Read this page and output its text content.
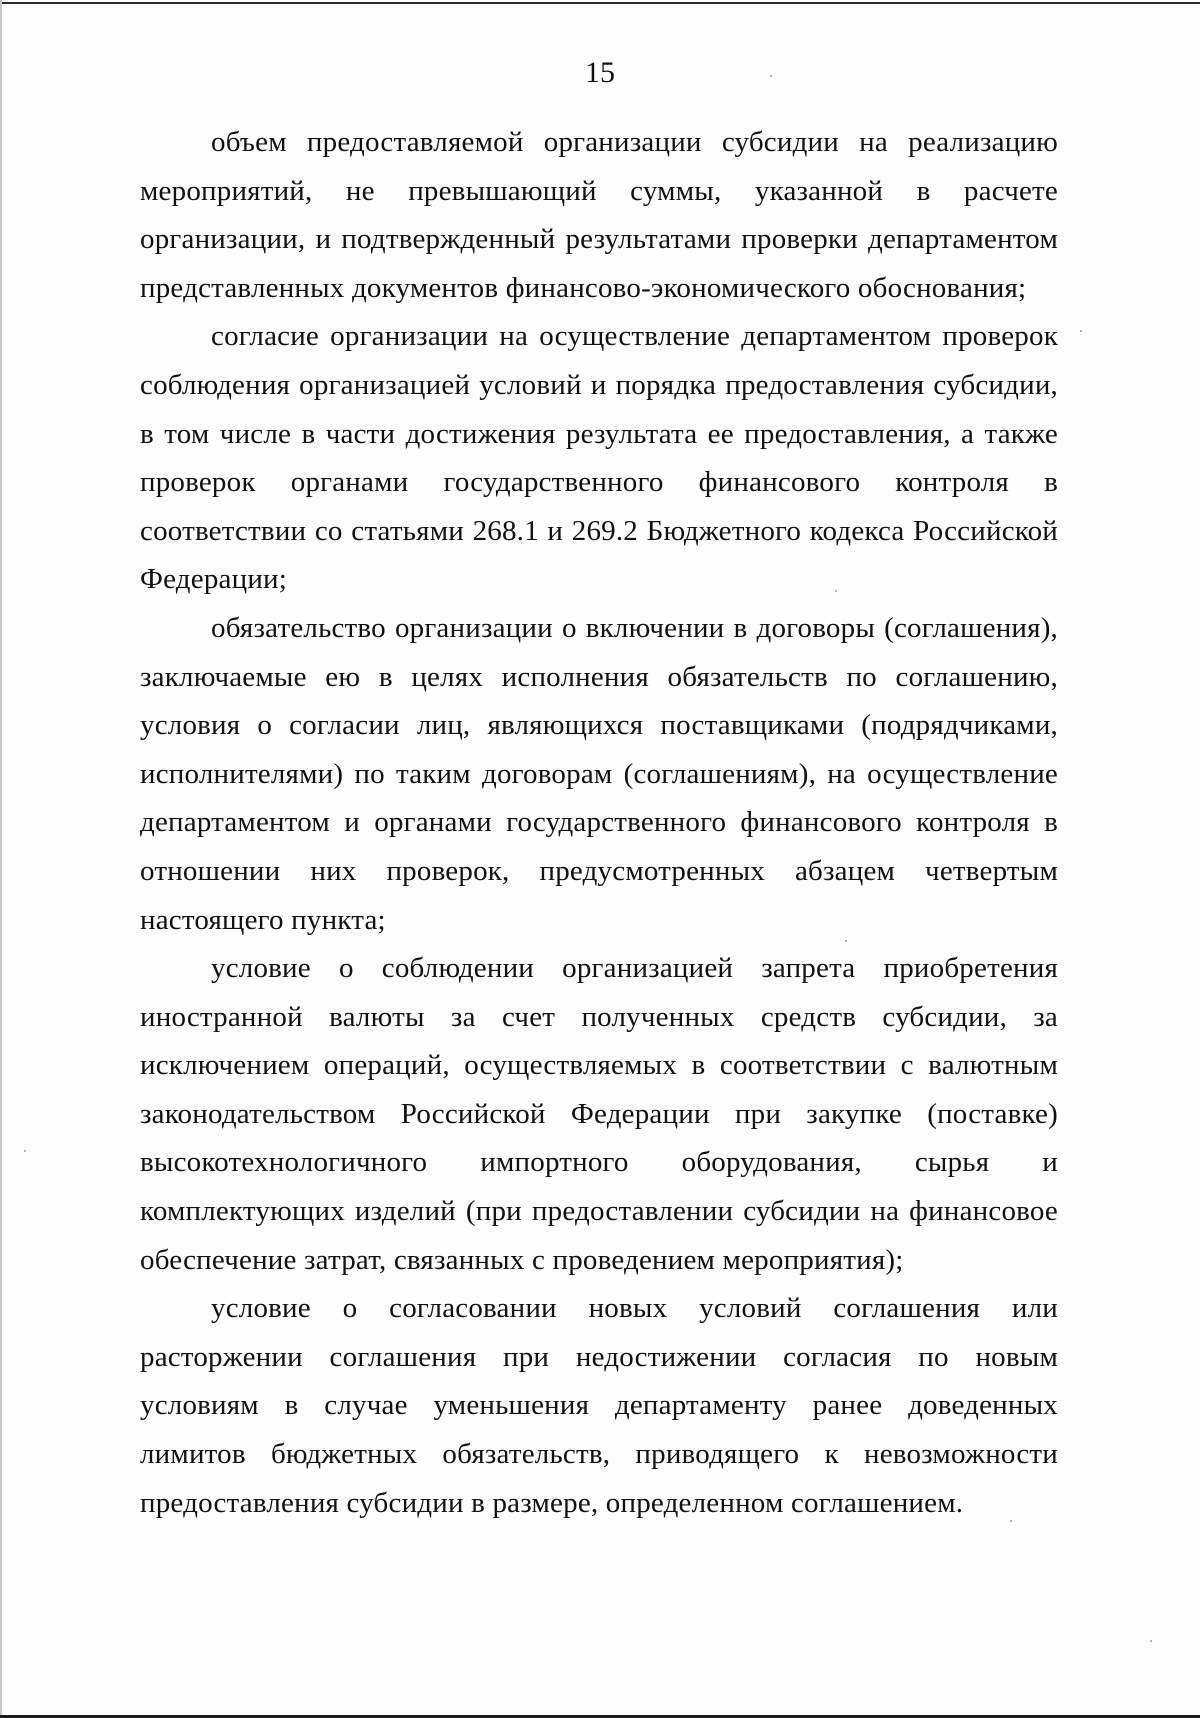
15

объем предоставляемой организации субсидии на реализацию мероприятий, не превышающий суммы, указанной в расчете организации, и подтвержденный результатами проверки департаментом представленных документов финансово-экономического обоснования;

согласие организации на осуществление департаментом проверок соблюдения организацией условий и порядка предоставления субсидии, в том числе в части достижения результата ее предоставления, а также проверок органами государственного финансового контроля в соответствии со статьями 268.1 и 269.2 Бюджетного кодекса Российской Федерации;

обязательство организации о включении в договоры (соглашения), заключаемые ею в целях исполнения обязательств по соглашению, условия о согласии лиц, являющихся поставщиками (подрядчиками, исполнителями) по таким договорам (соглашениям), на осуществление департаментом и органами государственного финансового контроля в отношении них проверок, предусмотренных абзацем четвертым настоящего пункта;

условие о соблюдении организацией запрета приобретения иностранной валюты за счет полученных средств субсидии, за исключением операций, осуществляемых в соответствии с валютным законодательством Российской Федерации при закупке (поставке) высокотехнологичного импортного оборудования, сырья и комплектующих изделий (при предоставлении субсидии на финансовое обеспечение затрат, связанных с проведением мероприятия);

условие о согласовании новых условий соглашения или расторжении соглашения при недостижении согласия по новым условиям в случае уменьшения департаменту ранее доведенных лимитов бюджетных обязательств, приводящего к невозможности предоставления субсидии в размере, определенном соглашением.
